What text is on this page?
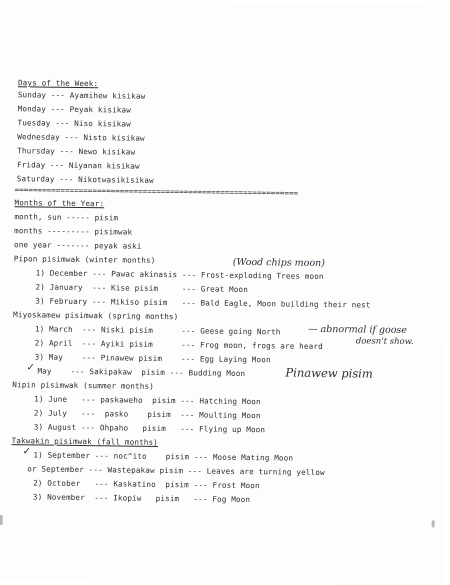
Days of the Week:
Sunday --- Ayamihew kisikaw
Monday --- Peyak kisikaw
Tuesday --- Niso kisikaw
Wednesday --- Nisto kisikaw
Thursday --- Newo kisikaw
Friday --- Niyanan kisikaw
Saturday --- Nikotwasikisikaw
==============================================================
Months of the Year:
month, sun ----- pisim
months --------- pisimwak
one year ------- peyak aski
Pipon pisimwak (winter months)	(Wood chips moon)
1) December --- Pawac akinasis --- Frost-exploding Trees moon
2) January  --- Kise pisim     --- Great Moon
3) February --- Mikiso pisim   --- Bald Eagle, Moon building their nest
Miyoskamew pisimwak (spring months)
1) March  --- Niski pisim      --- Geese going North	— abnormal if goose
doesn't show.
2) April  --- Ayiki pisim      --- Frog moon, frogs are heard
3) May    --- Pinawew pisim    --- Egg Laying Moon
✓ May    --- Sakipakaw  pisim --- Budding Moon	Pinawew pisim
Nipin pisimwak (summer months)
1) June   --- paskaweho  pisim --- Hatching Moon
2) July   ---  pasko    pisim  --- Moulting Moon
3) August --- Ohpaho   pisim   --- Flying up Moon
Takwakin pisimwak (fall months)
✓ 1) September --- noc^ito    pisim --- Moose Mating Moon
or September --- Wastepakaw pisim --- Leaves are turning yellow
2) October   --- Kaskatino  pisim --- Frost Moon
3) November  --- Ikopiw   pisim   --- Fog Moon
